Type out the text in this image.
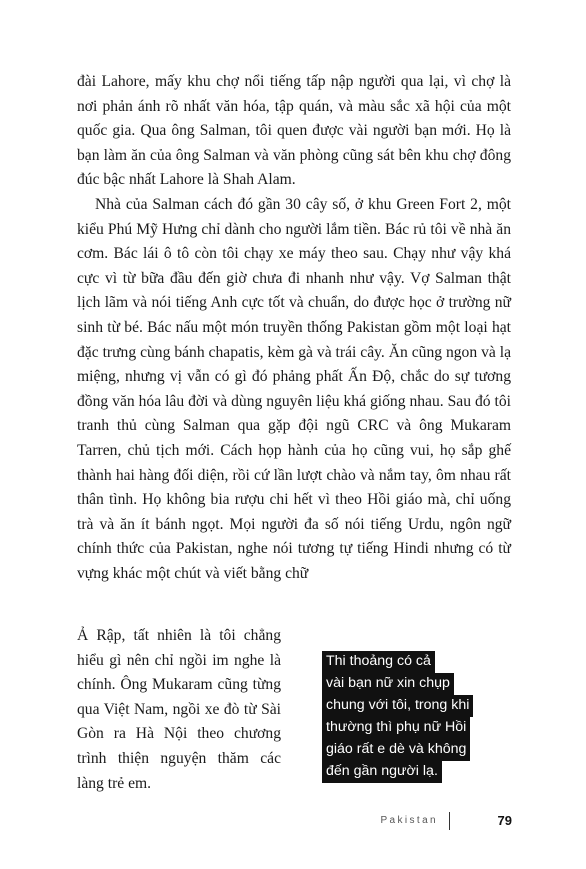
đài Lahore, mấy khu chợ nổi tiếng tấp nập người qua lại, vì chợ là nơi phản ánh rõ nhất văn hóa, tập quán, và màu sắc xã hội của một quốc gia. Qua ông Salman, tôi quen được vài người bạn mới. Họ là bạn làm ăn của ông Salman và văn phòng cũng sát bên khu chợ đông đúc bậc nhất Lahore là Shah Alam.

Nhà của Salman cách đó gần 30 cây số, ở khu Green Fort 2, một kiểu Phú Mỹ Hưng chỉ dành cho người lắm tiền. Bác rủ tôi về nhà ăn cơm. Bác lái ô tô còn tôi chạy xe máy theo sau. Chạy như vậy khá cực vì từ bữa đầu đến giờ chưa đi nhanh như vậy. Vợ Salman thật lịch lãm và nói tiếng Anh cực tốt và chuẩn, do được học ở trường nữ sinh từ bé. Bác nấu một món truyền thống Pakistan gồm một loại hạt đặc trưng cùng bánh chapatis, kèm gà và trái cây. Ăn cũng ngon và lạ miệng, nhưng vị vẫn có gì đó phảng phất Ấn Độ, chắc do sự tương đồng văn hóa lâu đời và dùng nguyên liệu khá giống nhau. Sau đó tôi tranh thủ cùng Salman qua gặp đội ngũ CRC và ông Mukaram Tarren, chủ tịch mới. Cách họp hành của họ cũng vui, họ sắp ghế thành hai hàng đối diện, rồi cứ lần lượt chào và nắm tay, ôm nhau rất thân tình. Họ không bia rượu chi hết vì theo Hồi giáo mà, chỉ uống trà và ăn ít bánh ngọt. Mọi người đa số nói tiếng Urdu, ngôn ngữ chính thức của Pakistan, nghe nói tương tự tiếng Hindi nhưng có từ vựng khác một chút và viết bằng chữ

Ả Rập, tất nhiên là tôi chẳng hiểu gì nên chỉ ngồi im nghe là chính. Ông Mukaram cũng từng qua Việt Nam, ngồi xe đò từ Sài Gòn ra Hà Nội theo chương trình thiện nguyện thăm các làng trẻ em.
Thi thoảng có cả
vài bạn nữ xin chụp
chung với tôi, trong khi
thường thì phụ nữ Hồi
giáo rất e dè và không
đến gần người lạ.
Pakistan	79
